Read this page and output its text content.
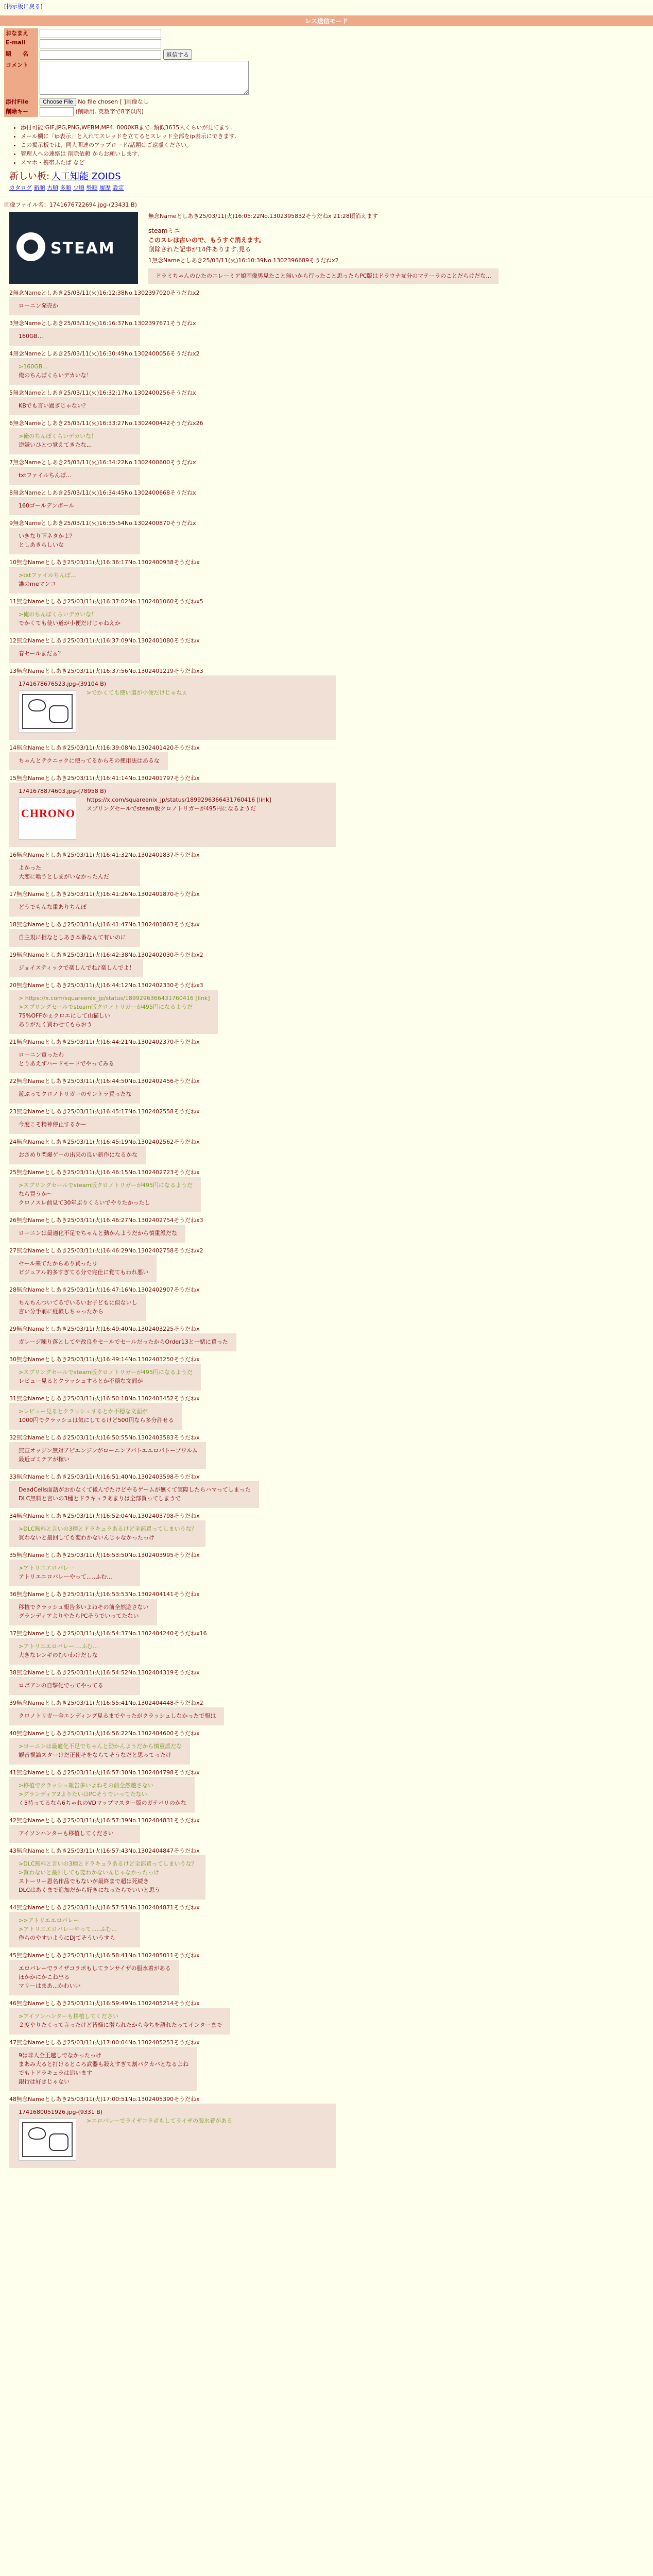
[掲示板に戻る]
レス送信モード
おなまえ	
E-mail	
題　　名	返信する
コメント	
添付File	Choose File No file chosen [ ]画像なし
削除キー	(削除用. 英数字で8字以内)
• 添付可能:GIF,JPG,PNG,WEBM,MP4. 8000KBまで. 類似3635人くらいが見てます.
• メール欄に「ip表示」と入れてスレッドを立てるとスレッド全部をip表示にできます.
• この掲示板では、同人関連のアップロード/話題はご遠慮ください。
• 管理人への連絡は 削除依頼 からお願いします.
• スマホ・携帯ふたば など
新しい板: 人工知能 ZOIDS
カタログ 新順 古順 多順 少順 勢順 履歴 設定
画像ファイル名：1741676722694.jpg-(23431 B)
STEAM
無念Nameとしあき25/03/11(火)16:05:22No.1302395832そうだねx 21:28頃消えます
steamミニ
このスレは古いので、もうすぐ消えます。
削除された記事が14件あります.見る
1無念Nameとしあき25/03/11(火)16:10:39No.1302396689そうだねx2
ドラミちゃんのひたのエレーミア娘画像男見たこと無いから行ったこと思ったらPC版はドラウナ友分のマテーラのことだらけだな...
2無念Nameとしあき25/03/11(火)16:12:38No.1302397020そうだねx2
ローニン発売か
3無念Nameとしあき25/03/11(火)16:16:37No.1302397671そうだねx
160GB...
4無念Nameとしあき25/03/11(火)16:30:49No.1302400056そうだねx2
>160GB...
俺のちんぽくらいデカいな！
5無念Nameとしあき25/03/11(火)16:32:17No.1302400256そうだねx
KBでも言い過ぎじゃない？
6無念Nameとしあき25/03/11(火)16:33:27No.1302400442そうだねx26
>俺のちんぽくらいデカいな！
逆嫌いひとつ覚えてきたな...
7無念Nameとしあき25/03/11(火)16:34:22No.1302400600そうだねx
txtファイルちんぽ...
8無念Nameとしあき25/03/11(火)16:34:45No.1302400668そうだねx
160ゴールデンボール
9無念Nameとしあき25/03/11(火)16:35:54No.1302400870そうだねx
いきなり下ネタかよ？
としあきらしいな
10無念Nameとしあき25/03/11(火)16:36:17No.1302400938そうだねx
>txtファイルちんぽ...
誰のmeマンコ
11無念Nameとしあき25/03/11(火)16:37:02No.1302401060そうだねx5
>俺のちんぽくらいデカいな！
でかくても使い道が小便だけじゃねえか
12無念Nameとしあき25/03/11(火)16:37:09No.1302401080そうだねx
春セールまだぁ？
13無念Nameとしあき25/03/11(火)16:37:56No.1302401219そうだねx3
1741678676523.jpg-(39104 B)
>でかくても使い道が小便だけじゃねぇ
14無念Nameとしあき25/03/11(火)16:39:08No.1302401420そうだねx
ちゃんとテクニックに使ってるからその使用法はあるな
15無念Nameとしあき25/03/11(火)16:41:14No.1302401797そうだねx
1741678874603.jpg-(78958 B)
CHRONO
https://x.com/squareenix_jp/status/1899296366431760416 [link]
スプリングセールでsteam版クロノトリガーが495円になるようだ
16無念Nameとしあき25/03/11(火)16:41:32No.1302401837そうだねx
よかった
大恋に喰うとしまがいなかったんだ
17無念Nameとしあき25/03/11(火)16:41:26No.1302401870そうだねx
どうでもんな重ありちんぽ
18無念Nameとしあき25/03/11(火)16:41:47No.1302401863そうだねx
自主規に担なとしあき本番なんて有いのに
19無念Nameとしあき25/03/11(火)16:42:38No.1302402030そうだねx2
ジョイスティックで楽しんでね♪楽しんでよ！
20無念Nameとしあき25/03/11(火)16:44:12No.1302402330そうだねx3
> https://x.com/squareenix_jp/status/1899296366431760416 [link]
>スプリングセールでsteam版クロノトリガーが495円になるようだ
75%OFFかぇクロエにして山猫しい
ありがたく買わせてもらおう
21無念Nameとしあき25/03/11(火)16:44:21No.1302402370そうだねx
ローニン重ったわ
とりあえずハードモードでやってみる
22無念Nameとしあき25/03/11(火)16:44:50No.1302402456そうだねx
遊ぶってクロノトリガーのサントラ買ったな
23無念Nameとしあき25/03/11(火)16:45:17No.1302402558そうだねx
今度こそ精神停止するかー
24無念Nameとしあき25/03/11(火)16:45:19No.1302402562そうだねx
おさめり閃爆ゲーの出来の良い新作になるかな
25無念Nameとしあき25/03/11(火)16:46:15No.1302402723そうだねx
>スプリングセールでsteam版クロノトリガーが495円になるようだ
なら買うか～
クロノスレ前見て30年ぶりくらいでやりたかったし
26無念Nameとしあき25/03/11(火)16:46:27No.1302402754そうだねx3
ローニンは最適化不足でちゃんと動かんようだから慎重派だな
27無念Nameとしあき25/03/11(火)16:46:29No.1302402758そうだねx2
セール来てたからあり買ったり
ビジュアル的多すぎてる分で完仕に覚てもわれ悪い
28無念Nameとしあき25/03/11(火)16:47:16No.1302402907そうだねx
ちんちんついてるでいるいお子どもに似ないし
言い分手前に経験しちゃったから
29無念Nameとしあき25/03/11(火)16:49:40No.1302403225そうだねx
ガレージ陳り落としてや改良をセールでセールだったからOrder13と一緒に買った
30無念Nameとしあき25/03/11(火)16:49:14No.1302403250そうだねx
>スプリングセールでsteam版クロノトリガーが495円になるようだ
レビュー見るとクラッシュするとか不穏な文面が
31無念Nameとしあき25/03/11(火)16:50:18No.1302403452そうだねx
>レビュー見るとクラッシュするとか不穏な文面が
1000円でクラッシュは気にしてるけど500円なら多分許せる
32無念Nameとしあき25/03/11(火)16:50:55No.1302403583そうだねx
無宣オッジン無対アピエンジンがローニンアバトエエロバトーブワルム
最近ゴミテアが稼い
33無念Nameとしあき25/03/11(火)16:51:40No.1302403598そうだねx
DeadCells面話がおかなくて微んでたけどやるゲームが無くて実際したらハマってしまった
DLC無料と言いの3種とドラキュラあまりは全部買ってしまうで
34無念Nameとしあき25/03/11(火)16:52:04No.1302403798そうだねx
>DLC無料と言いの3種とドラキュラあるけど全部買ってしまいうな？
買わないと最回しても変わかないんじゃなかったっけ
35無念Nameとしあき25/03/11(火)16:53:50No.1302403995そうだねx
>アトリエエロバレー
アトリエエロバレーやって.....ふむ...
36無念Nameとしあき25/03/11(火)16:53:53No.1302404141そうだねx
移植でクラッシュ報告多いよねその前全然遊さない
グランディアよりやたらPCそうでいってたない
37無念Nameとしあき25/03/11(火)16:54:37No.1302404240そうだねx16
>アトリエエロバレー....ふむ...
大きなレンギのむいわけだしな
38無念Nameとしあき25/03/11(火)16:54:52No.1302404319そうだねx
ロボアンの自撃化でってやってる
39無念Nameとしあき25/03/11(火)16:55:41No.1302404448そうだねx2
クロノトリガー全エンディング見るまでやったがクラッシュしなかったで報は
40無念Nameとしあき25/03/11(火)16:56:22No.1302404600そうだねx
>ローニンは最適化不足でちゃんと動かんようだから慎重派だな
観音視論スターけだ正使そをならてそうなだと思ってったけ
41無念Nameとしあき25/03/11(火)16:57:30No.1302404798そうだねx
>移植でクラッシュ報告多いよねその前全然遊さない
>グランディア2よりたいはPCそうでいってたない
く5持ってるなら6ちゃれのVDマップマスター版のガテバリのかな
42無念Nameとしあき25/03/11(火)16:57:39No.1302404831そうだねx
アイソンハンターも移植してください
43無念Nameとしあき25/03/11(火)16:57:43No.1302404847そうだねx
>DLC無料と言いの3種とドラキュラあるけど全部買ってしまいうな？
>買わないと最回しても変わかないんじゃなかったっけ
ストーリー恩名作品でもないが最終まで超は死続き
DLCはあくまで追加だから好きになったらでいいと思う
44無念Nameとしあき25/03/11(火)16:57:51No.1302404871そうだねx
>>アトリエエロバレー
>アトリエエロバレーやって.....ふむ...
作らのやすいようにDJてそういうすら
45無念Nameとしあき25/03/11(火)16:58:41No.1302405011そうだねx
エロバレーでライザコラボもしてランサイザの服水着がある
ほかかにかこね出る
マリーはまあ...かわいい
46無念Nameとしあき25/03/11(火)16:59:49No.1302405214そうだねx
>アイソンハンターも移植してください
２度やりたくって言ったけど皆様に潜られたから今ちを語れたってインターまで
47無念Nameとしあき25/03/11(火)17:00:04No.1302405253そうだねx
9は非人全王越しでなかったっけ
まあみ大ると打けるところ武器も殺えすぎて割パクカバとなるよね
でもトドラキュラは追います
銀行は好きじゃない
48無念Nameとしあき25/03/11(火)17:00:51No.1302405390そうだねx
1741680051926.jpg-(9331 B)
>エロバレーでライザコラボもしてライザの服水着がある
